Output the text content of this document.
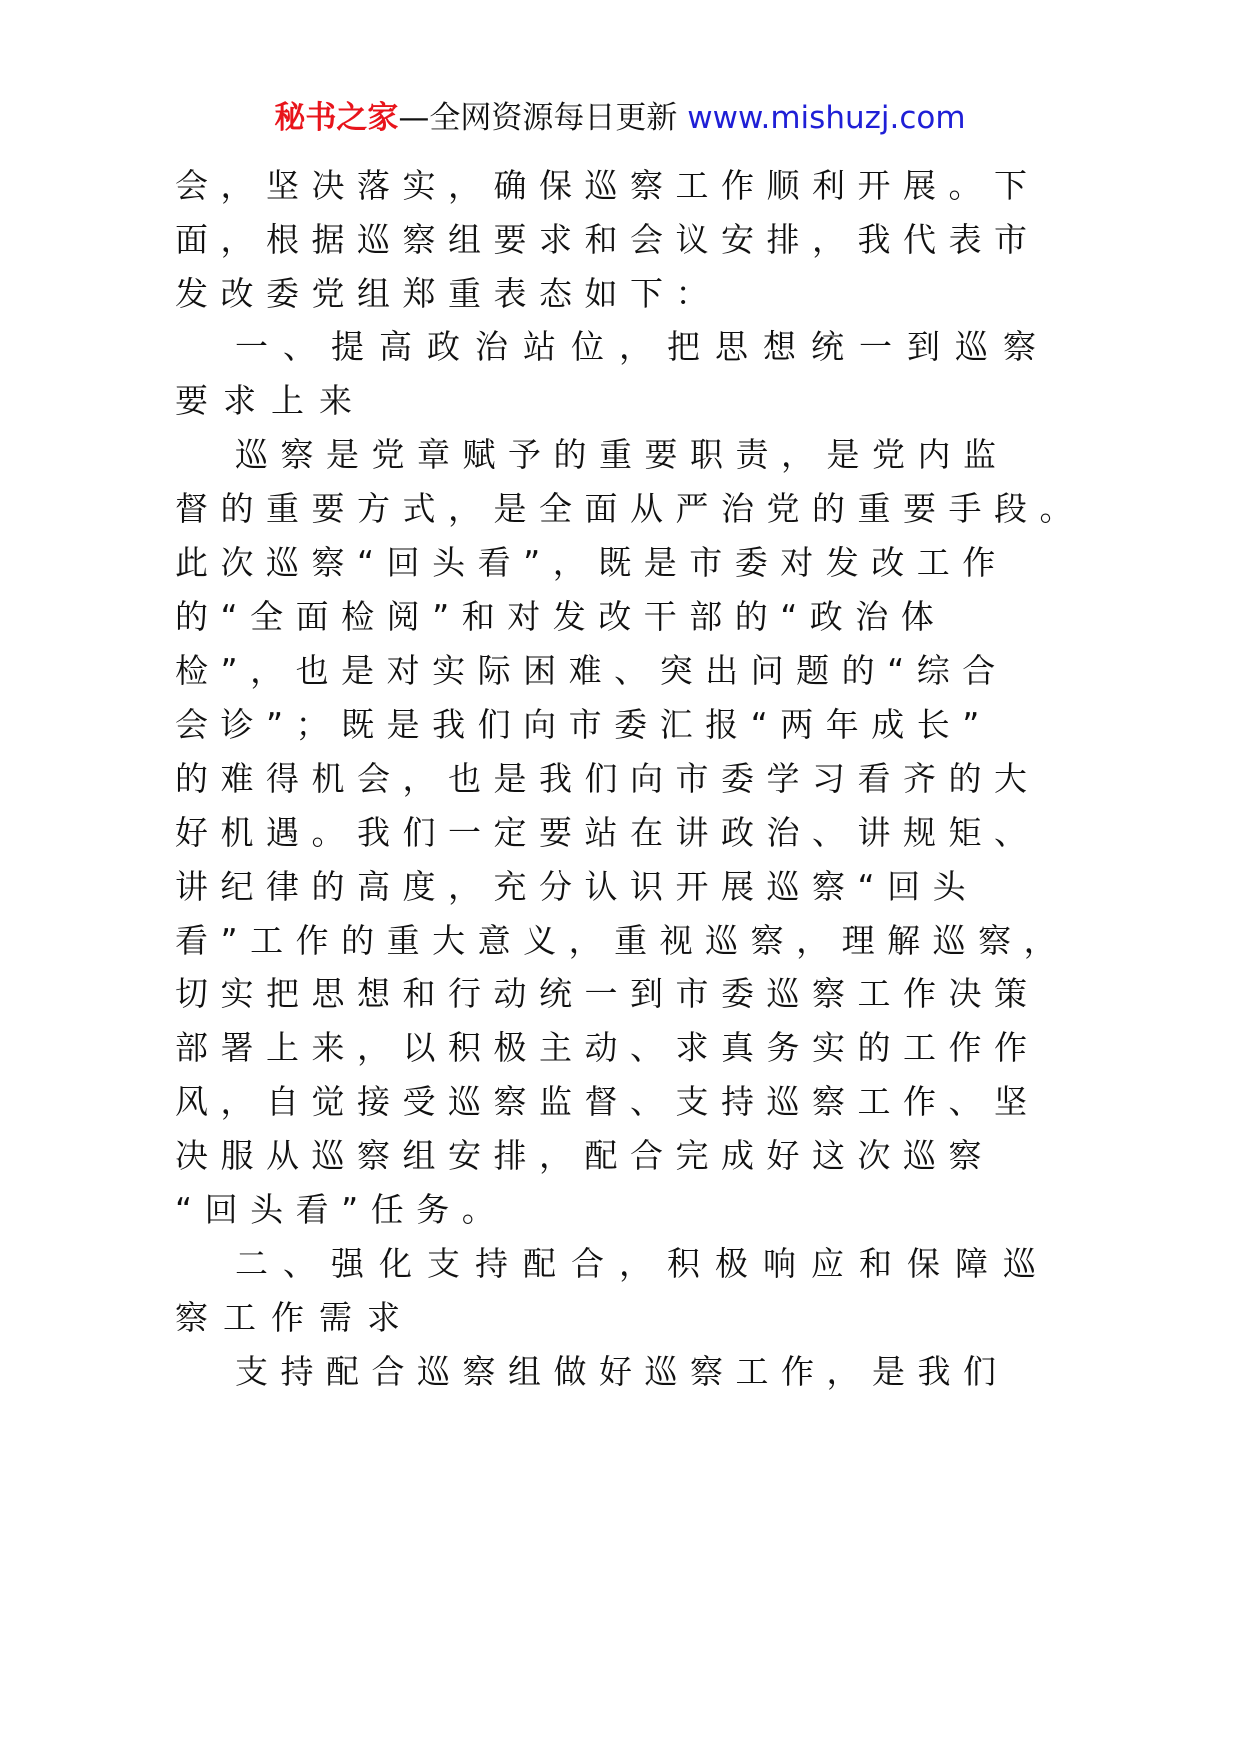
秘书之家—全网资源每日更新 www.mishuzj.com
会，坚决落实，确保巡察工作顺利开展。下
面，根据巡察组要求和会议安排，我代表市
发改委党组郑重表态如下：
一、提高政治站位，把思想统一到巡察
要求上来
巡察是党章赋予的重要职责，是党内监
督的重要方式，是全面从严治党的重要手段。
此次巡察“回头看”，既是市委对发改工作
的“全面检阅”和对发改干部的“政治体
检”，也是对实际困难、突出问题的“综合
会诊”；既是我们向市委汇报“两年成长”
的难得机会，也是我们向市委学习看齐的大
好机遇。我们一定要站在讲政治、讲规矩、
讲纪律的高度，充分认识开展巡察“回头
看”工作的重大意义，重视巡察，理解巡察，
切实把思想和行动统一到市委巡察工作决策
部署上来，以积极主动、求真务实的工作作
风，自觉接受巡察监督、支持巡察工作、坚
决服从巡察组安排，配合完成好这次巡察
“回头看”任务。
二、强化支持配合，积极响应和保障巡
察工作需求
支持配合巡察组做好巡察工作，是我们
